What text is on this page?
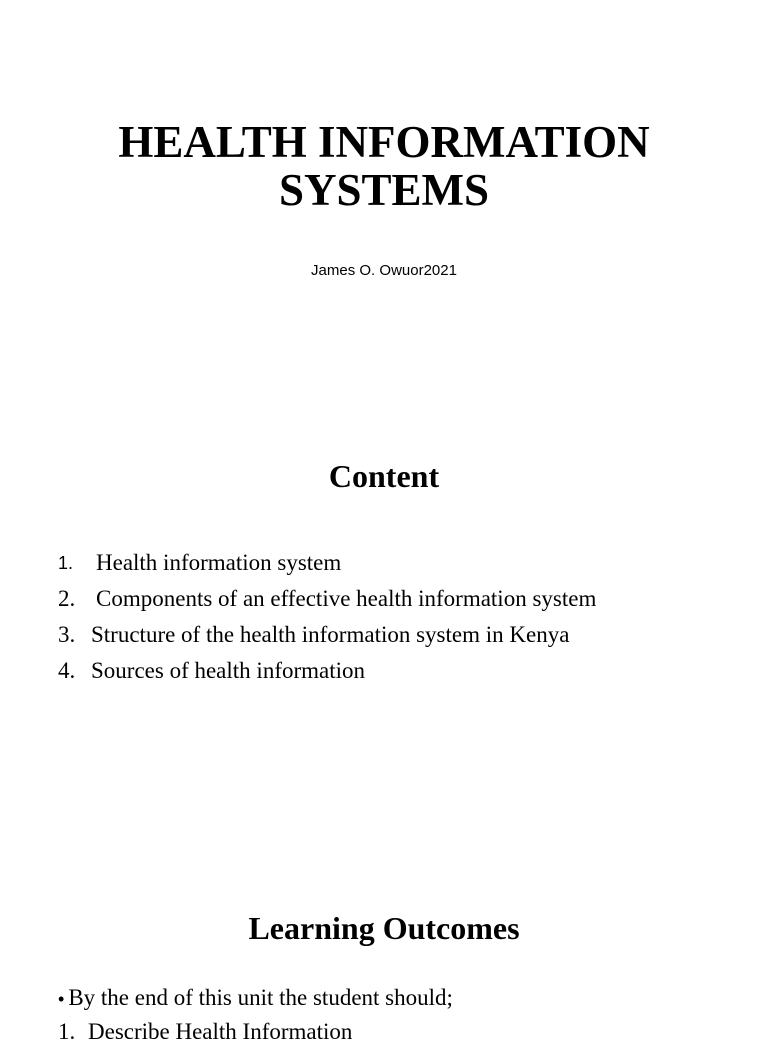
HEALTH INFORMATION
SYSTEMS

James O. Owuor2021

Content
1. Health information system
2. Components of an effective health information system
3. Structure of the health information system in Kenya
4. Sources of health information
Learning Outcomes

• By the end of this unit the student should;

1. Describe Health Information
